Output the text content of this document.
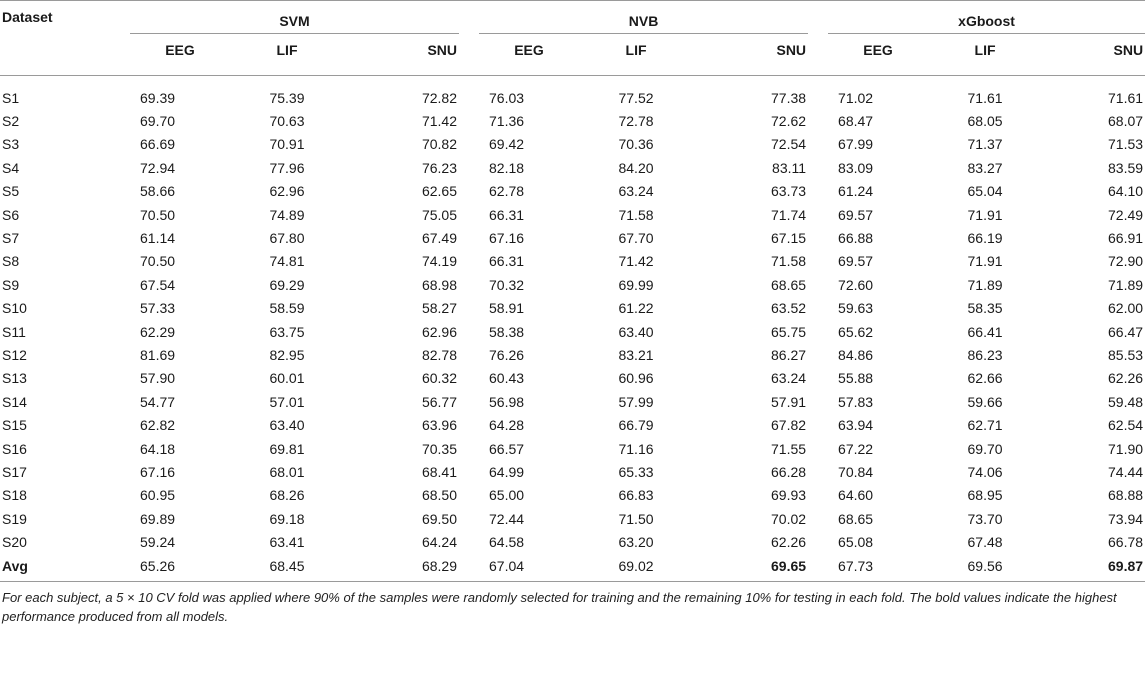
Dataset	SVM				NVB				xGboost		

	EEG	LIF	SNU		EEG	LIF	SNU		EEG	LIF	SNU
S1	69.39	75.39	72.82		76.03	77.52	77.38		71.02	71.61	71.61
S2	69.70	70.63	71.42		71.36	72.78	72.62		68.47	68.05	68.07
S3	66.69	70.91	70.82		69.42	70.36	72.54		67.99	71.37	71.53
S4	72.94	77.96	76.23		82.18	84.20	83.11		83.09	83.27	83.59
S5	58.66	62.96	62.65		62.78	63.24	63.73		61.24	65.04	64.10
S6	70.50	74.89	75.05		66.31	71.58	71.74		69.57	71.91	72.49
S7	61.14	67.80	67.49		67.16	67.70	67.15		66.88	66.19	66.91
S8	70.50	74.81	74.19		66.31	71.42	71.58		69.57	71.91	72.90
S9	67.54	69.29	68.98		70.32	69.99	68.65		72.60	71.89	71.89
S10	57.33	58.59	58.27		58.91	61.22	63.52		59.63	58.35	62.00
S11	62.29	63.75	62.96		58.38	63.40	65.75		65.62	66.41	66.47
S12	81.69	82.95	82.78		76.26	83.21	86.27		84.86	86.23	85.53
S13	57.90	60.01	60.32		60.43	60.96	63.24		55.88	62.66	62.26
S14	54.77	57.01	56.77		56.98	57.99	57.91		57.83	59.66	59.48
S15	62.82	63.40	63.96		64.28	66.79	67.82		63.94	62.71	62.54
S16	64.18	69.81	70.35		66.57	71.16	71.55		67.22	69.70	71.90
S17	67.16	68.01	68.41		64.99	65.33	66.28		70.84	74.06	74.44
S18	60.95	68.26	68.50		65.00	66.83	69.93		64.60	68.95	68.88
S19	69.89	69.18	69.50		72.44	71.50	70.02		68.65	73.70	73.94
S20	59.24	63.41	64.24		64.58	63.20	62.26		65.08	67.48	66.78
Avg	65.26	68.45	68.29		67.04	69.02	69.65		67.73	69.56	69.87

For each subject, a 5 × 10 CV fold was applied where 90% of the samples were randomly selected for training and the remaining 10% for testing in each fold. The bold values indicate the highest performance produced from all models.
